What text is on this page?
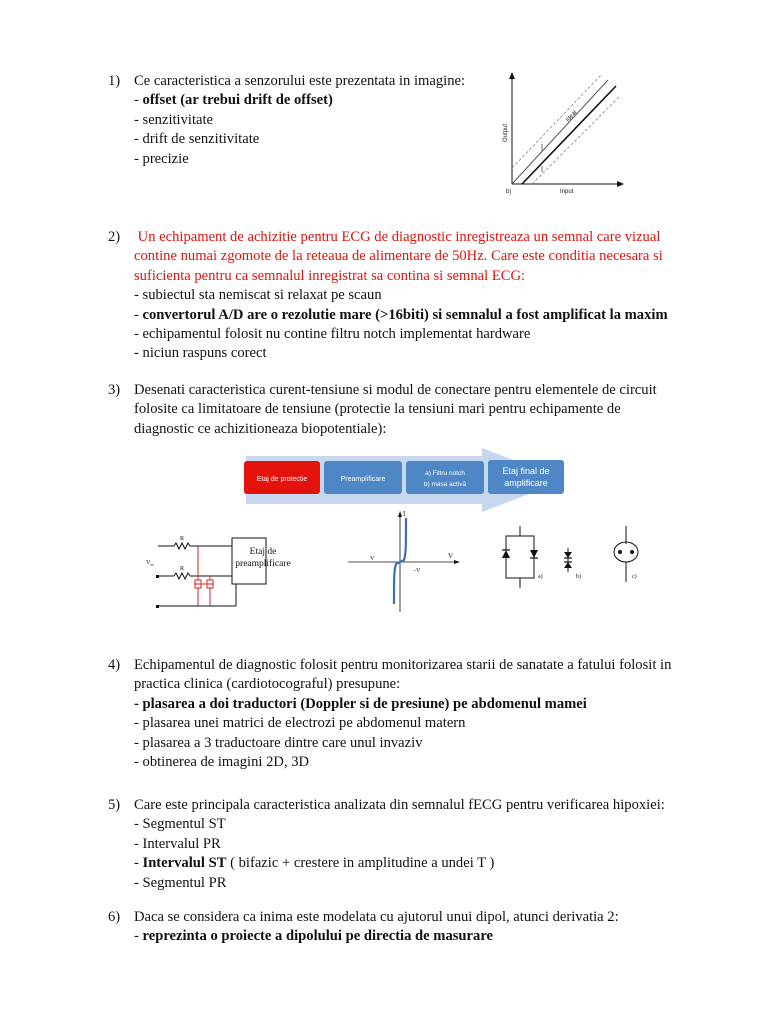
1) Ce caracteristica a senzorului este prezentata in imagine:
- offset (ar trebui drift de offset)
- senzitivitate
- drift de senzitivitate
- precizie
Ideal
Output
Input
b)
2) Un echipament de achizitie pentru ECG de diagnostic inregistreaza un semnal care vizual
contine numai zgomote de la reteaua de alimentare de 50Hz. Care este conditia necesara si
suficienta pentru ca semnalul inregistrat sa contina si semnal ECG:
- subiectul sta nemiscat si relaxat pe scaun
- convertorul A/D are o rezolutie mare (>16biti) si semnalul a fost amplificat la maxim
- echipamentul folosit nu contine filtru notch implementat hardware
- niciun raspuns corect
3) Desenati caracteristica curent-tensiune si modul de conectare pentru elementele de circuit
folosite ca limitatoare de tensiune (protectie la tensiuni mari pentru echipamente de
diagnostic ce achizitioneaza biopotentiale):
Etaj de protectie	Preamplificare
a) Filtru notch
b) masa activă
Etaj final de
amplificare
R
R
$V_{in}$
Etaj de
preamplificare
I
V
V
-V
a)	b)	c)
4) Echipamentul de diagnostic folosit pentru monitorizarea starii de sanatate a fatului folosit in
practica clinica (cardiotocograful) presupune:
- plasarea a doi traductori (Doppler si de presiune) pe abdomenul mamei
- plasarea unei matrici de electrozi pe abdomenul matern
- plasarea a 3 traductoare dintre care unul invaziv
- obtinerea de imagini 2D, 3D
5) Care este principala caracteristica analizata din semnalul fECG pentru verificarea hipoxiei:
- Segmentul ST
- Intervalul PR
- Intervalul ST ( bifazic + crestere in amplitudine a undei T )
- Segmentul PR
6) Daca se considera ca inima este modelata cu ajutorul unui dipol, atunci derivatia 2:
- reprezinta o proiecte a dipolului pe directia de masurare
